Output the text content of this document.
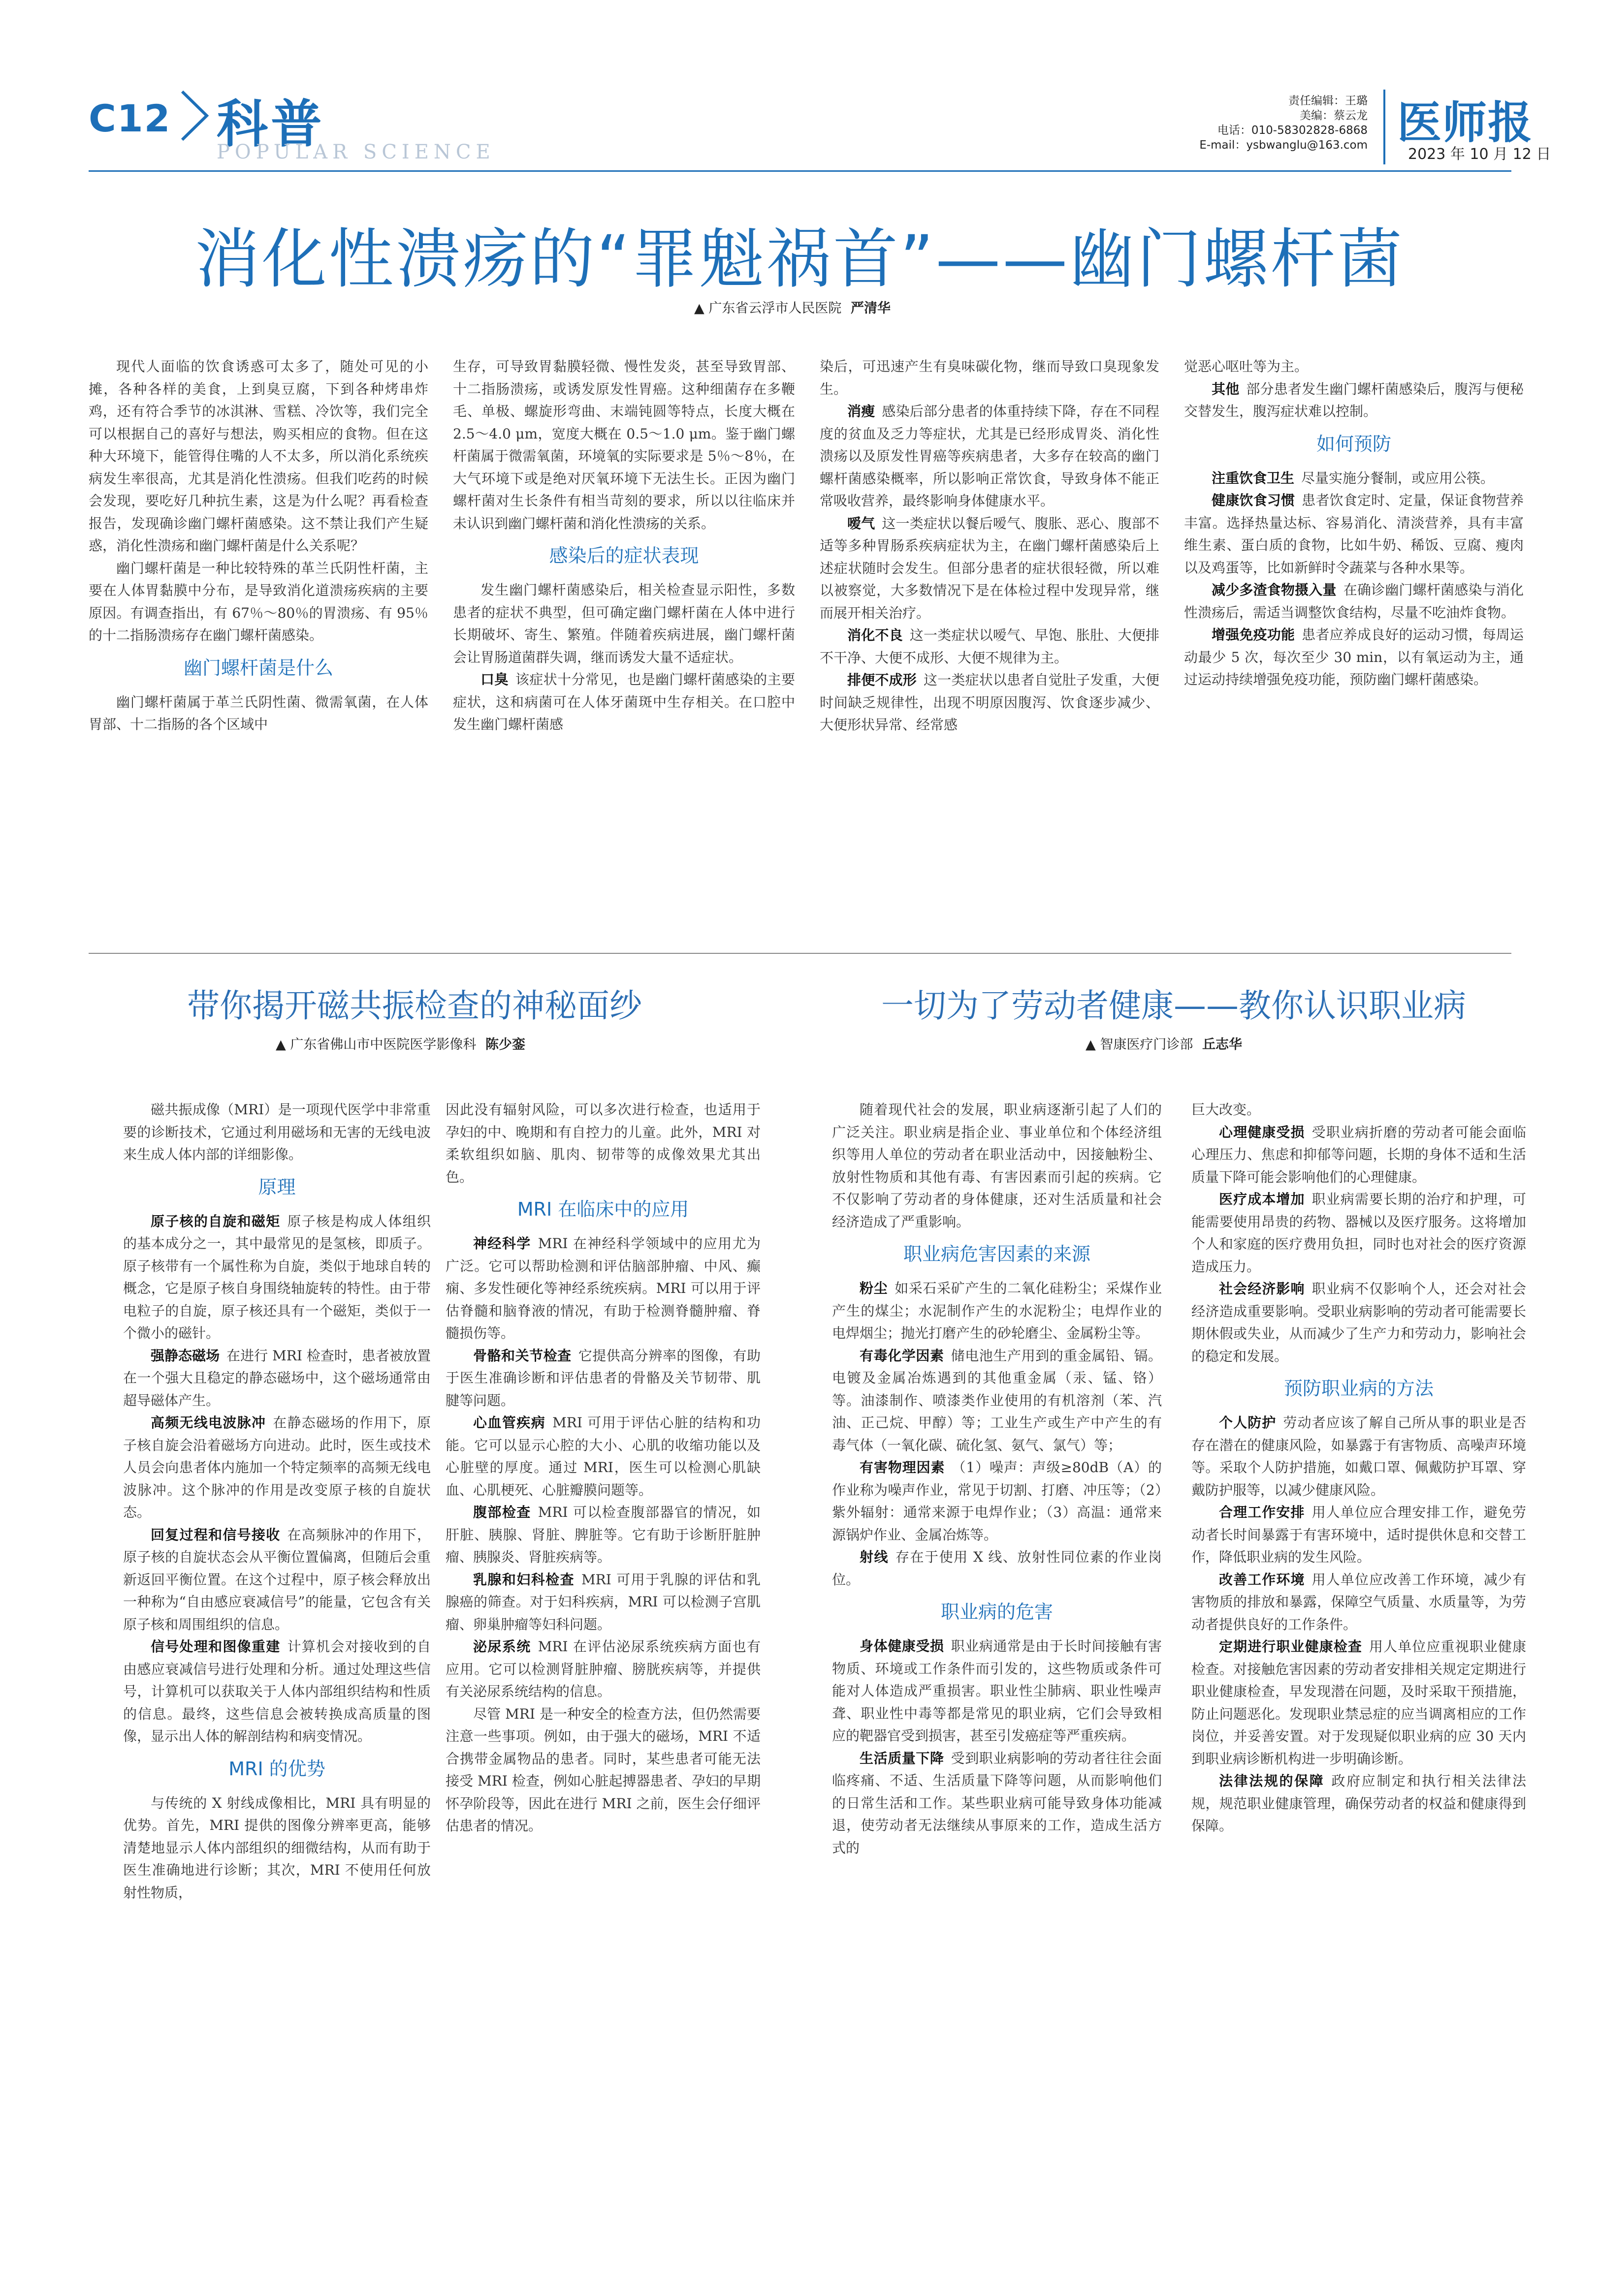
C12 科普
POPULAR SCIENCE
责任编辑：王璐
美编：蔡云龙
电话：010-58302828-6868
E-mail：ysbwanglu@163.com 医师报
2023 年 10 月 12 日
消化性溃疡的“罪魁祸首”——幽门螺杆菌
▲ 广东省云浮市人民医院 严清华

现代人面临的饮食诱惑可太多了，随处可见的小摊，各种各样的美食，上到臭豆腐，下到各种烤串炸鸡，还有符合季节的冰淇淋、雪糕、冷饮等，我们完全可以根据自己的喜好与想法，购买相应的食物。但在这种大环境下，能管得住嘴的人不太多，所以消化系统疾病发生率很高，尤其是消化性溃疡。但我们吃药的时候会发现，要吃好几种抗生素，这是为什么呢？再看检查报告，发现确诊幽门螺杆菌感染。这不禁让我们产生疑惑，消化性溃疡和幽门螺杆菌是什么关系呢？

幽门螺杆菌是一种比较特殊的革兰氏阴性杆菌，主要在人体胃黏膜中分布，是导致消化道溃疡疾病的主要原因。有调查指出，有 67％～80％的胃溃疡、有 95％的十二指肠溃疡存在幽门螺杆菌感染。

幽门螺杆菌是什么

幽门螺杆菌属于革兰氏阴性菌、微需氧菌，在人体胃部、十二指肠的各个区域中

生存，可导致胃黏膜轻微、慢性发炎，甚至导致胃部、十二指肠溃疡，或诱发原发性胃癌。这种细菌存在多鞭毛、单极、螺旋形弯曲、末端钝圆等特点，长度大概在 2.5～4.0 μm，宽度大概在 0.5～1.0 μm。鉴于幽门螺杆菌属于微需氧菌，环境氧的实际要求是 5％～8％，在大气环境下或是绝对厌氧环境下无法生长。正因为幽门螺杆菌对生长条件有相当苛刻的要求，所以以往临床并未认识到幽门螺杆菌和消化性溃疡的关系。

感染后的症状表现

发生幽门螺杆菌感染后，相关检查显示阳性，多数患者的症状不典型，但可确定幽门螺杆菌在人体中进行长期破坏、寄生、繁殖。伴随着疾病进展，幽门螺杆菌会让胃肠道菌群失调，继而诱发大量不适症状。

口臭 该症状十分常见，也是幽门螺杆菌感染的主要症状，这和病菌可在人体牙菌斑中生存相关。在口腔中发生幽门螺杆菌感

染后，可迅速产生有臭味碳化物，继而导致口臭现象发生。

消瘦 感染后部分患者的体重持续下降，存在不同程度的贫血及乏力等症状，尤其是已经形成胃炎、消化性溃疡以及原发性胃癌等疾病患者，大多存在较高的幽门螺杆菌感染概率，所以影响正常饮食，导致身体不能正常吸收营养，最终影响身体健康水平。

嗳气 这一类症状以餐后嗳气、腹胀、恶心、腹部不适等多种胃肠系疾病症状为主，在幽门螺杆菌感染后上述症状随时会发生。但部分患者的症状很轻微，所以难以被察觉，大多数情况下是在体检过程中发现异常，继而展开相关治疗。

消化不良 这一类症状以嗳气、早饱、胀肚、大便排不干净、大便不成形、大便不规律为主。

排便不成形 这一类症状以患者自觉肚子发重，大便时间缺乏规律性，出现不明原因腹泻、饮食逐步减少、大便形状异常、经常感

觉恶心呕吐等为主。

其他 部分患者发生幽门螺杆菌感染后，腹泻与便秘交替发生，腹泻症状难以控制。

如何预防

注重饮食卫生 尽量实施分餐制，或应用公筷。

健康饮食习惯 患者饮食定时、定量，保证食物营养丰富。选择热量达标、容易消化、清淡营养，具有丰富维生素、蛋白质的食物，比如牛奶、稀饭、豆腐、瘦肉以及鸡蛋等，比如新鲜时令蔬菜与各种水果等。

减少多渣食物摄入量 在确诊幽门螺杆菌感染与消化性溃疡后，需适当调整饮食结构，尽量不吃油炸食物。

增强免疫功能 患者应养成良好的运动习惯，每周运动最少 5 次，每次至少 30 min，以有氧运动为主，通过运动持续增强免疫功能，预防幽门螺杆菌感染。

带你揭开磁共振检查的神秘面纱
▲ 广东省佛山市中医院医学影像科 陈少銮

磁共振成像（MRI）是一项现代医学中非常重要的诊断技术，它通过利用磁场和无害的无线电波来生成人体内部的详细影像。

原理

原子核的自旋和磁矩 原子核是构成人体组织的基本成分之一，其中最常见的是氢核，即质子。原子核带有一个属性称为自旋，类似于地球自转的概念，它是原子核自身围绕轴旋转的特性。由于带电粒子的自旋，原子核还具有一个磁矩，类似于一个微小的磁针。

强静态磁场 在进行 MRI 检查时，患者被放置在一个强大且稳定的静态磁场中，这个磁场通常由超导磁体产生。

高频无线电波脉冲 在静态磁场的作用下，原子核自旋会沿着磁场方向进动。此时，医生或技术人员会向患者体内施加一个特定频率的高频无线电波脉冲。这个脉冲的作用是改变原子核的自旋状态。

回复过程和信号接收 在高频脉冲的作用下，原子核的自旋状态会从平衡位置偏离，但随后会重新返回平衡位置。在这个过程中，原子核会释放出一种称为“自由感应衰减信号”的能量，它包含有关原子核和周围组织的信息。

信号处理和图像重建 计算机会对接收到的自由感应衰减信号进行处理和分析。通过处理这些信号，计算机可以获取关于人体内部组织结构和性质的信息。最终，这些信息会被转换成高质量的图像，显示出人体的解剖结构和病变情况。

MRI 的优势

与传统的 X 射线成像相比，MRI 具有明显的优势。首先，MRI 提供的图像分辨率更高，能够清楚地显示人体内部组织的细微结构，从而有助于医生准确地进行诊断；其次，MRI 不使用任何放射性物质，

因此没有辐射风险，可以多次进行检查，也适用于孕妇的中、晚期和有自控力的儿童。此外，MRI 对柔软组织如脑、肌肉、韧带等的成像效果尤其出色。

MRI 在临床中的应用

神经科学 MRI 在神经科学领域中的应用尤为广泛。它可以帮助检测和评估脑部肿瘤、中风、癫痫、多发性硬化等神经系统疾病。MRI 可以用于评估脊髓和脑脊液的情况，有助于检测脊髓肿瘤、脊髓损伤等。

骨骼和关节检查 它提供高分辨率的图像，有助于医生准确诊断和评估患者的骨骼及关节韧带、肌腱等问题。

心血管疾病 MRI 可用于评估心脏的结构和功能。它可以显示心腔的大小、心肌的收缩功能以及心脏壁的厚度。通过 MRI，医生可以检测心肌缺血、心肌梗死、心脏瓣膜问题等。

腹部检查 MRI 可以检查腹部器官的情况，如肝脏、胰腺、肾脏、脾脏等。它有助于诊断肝脏肿瘤、胰腺炎、肾脏疾病等。

乳腺和妇科检查 MRI 可用于乳腺的评估和乳腺癌的筛查。对于妇科疾病，MRI 可以检测子宫肌瘤、卵巢肿瘤等妇科问题。

泌尿系统 MRI 在评估泌尿系统疾病方面也有应用。它可以检测肾脏肿瘤、膀胱疾病等，并提供有关泌尿系统结构的信息。

尽管 MRI 是一种安全的检查方法，但仍然需要注意一些事项。例如，由于强大的磁场，MRI 不适合携带金属物品的患者。同时，某些患者可能无法接受 MRI 检查，例如心脏起搏器患者、孕妇的早期怀孕阶段等，因此在进行 MRI 之前，医生会仔细评估患者的情况。

一切为了劳动者健康——教你认识职业病
▲ 智康医疗门诊部 丘志华

随着现代社会的发展，职业病逐渐引起了人们的广泛关注。职业病是指企业、事业单位和个体经济组织等用人单位的劳动者在职业活动中，因接触粉尘、放射性物质和其他有毒、有害因素而引起的疾病。它不仅影响了劳动者的身体健康，还对生活质量和社会经济造成了严重影响。

职业病危害因素的来源

粉尘 如采石采矿产生的二氧化硅粉尘；采煤作业产生的煤尘；水泥制作产生的水泥粉尘；电焊作业的电焊烟尘；抛光打磨产生的砂轮磨尘、金属粉尘等。

有毒化学因素 储电池生产用到的重金属铅、镉。电镀及金属冶炼遇到的其他重金属（汞、锰、铬）等。油漆制作、喷漆类作业使用的有机溶剂（苯、汽油、正己烷、甲醇）等；工业生产或生产中产生的有毒气体（一氧化碳、硫化氢、氨气、氯气）等；

有害物理因素 （1）噪声：声级≥80dB（A）的作业称为噪声作业，常见于切割、打磨、冲压等；（2）紫外辐射：通常来源于电焊作业；（3）高温：通常来源锅炉作业、金属冶炼等。

射线 存在于使用 X 线、放射性同位素的作业岗位。

职业病的危害

身体健康受损 职业病通常是由于长时间接触有害物质、环境或工作条件而引发的，这些物质或条件可能对人体造成严重损害。职业性尘肺病、职业性噪声聋、职业性中毒等都是常见的职业病，它们会导致相应的靶器官受到损害，甚至引发癌症等严重疾病。

生活质量下降 受到职业病影响的劳动者往往会面临疼痛、不适、生活质量下降等问题，从而影响他们的日常生活和工作。某些职业病可能导致身体功能减退，使劳动者无法继续从事原来的工作，造成生活方式的

巨大改变。

心理健康受损 受职业病折磨的劳动者可能会面临心理压力、焦虑和抑郁等问题，长期的身体不适和生活质量下降可能会影响他们的心理健康。

医疗成本增加 职业病需要长期的治疗和护理，可能需要使用昂贵的药物、器械以及医疗服务。这将增加个人和家庭的医疗费用负担，同时也对社会的医疗资源造成压力。

社会经济影响 职业病不仅影响个人，还会对社会经济造成重要影响。受职业病影响的劳动者可能需要长期休假或失业，从而减少了生产力和劳动力，影响社会的稳定和发展。

预防职业病的方法

个人防护 劳动者应该了解自己所从事的职业是否存在潜在的健康风险，如暴露于有害物质、高噪声环境等。采取个人防护措施，如戴口罩、佩戴防护耳罩、穿戴防护服等，以减少健康风险。

合理工作安排 用人单位应合理安排工作，避免劳动者长时间暴露于有害环境中，适时提供休息和交替工作，降低职业病的发生风险。

改善工作环境 用人单位应改善工作环境，减少有害物质的排放和暴露，保障空气质量、水质量等，为劳动者提供良好的工作条件。

定期进行职业健康检查 用人单位应重视职业健康检查。对接触危害因素的劳动者安排相关规定定期进行职业健康检查，早发现潜在问题，及时采取干预措施，防止问题恶化。发现职业禁忌症的应当调离相应的工作岗位，并妥善安置。对于发现疑似职业病的应 30 天内到职业病诊断机构进一步明确诊断。

法律法规的保障 政府应制定和执行相关法律法规，规范职业健康管理，确保劳动者的权益和健康得到保障。
